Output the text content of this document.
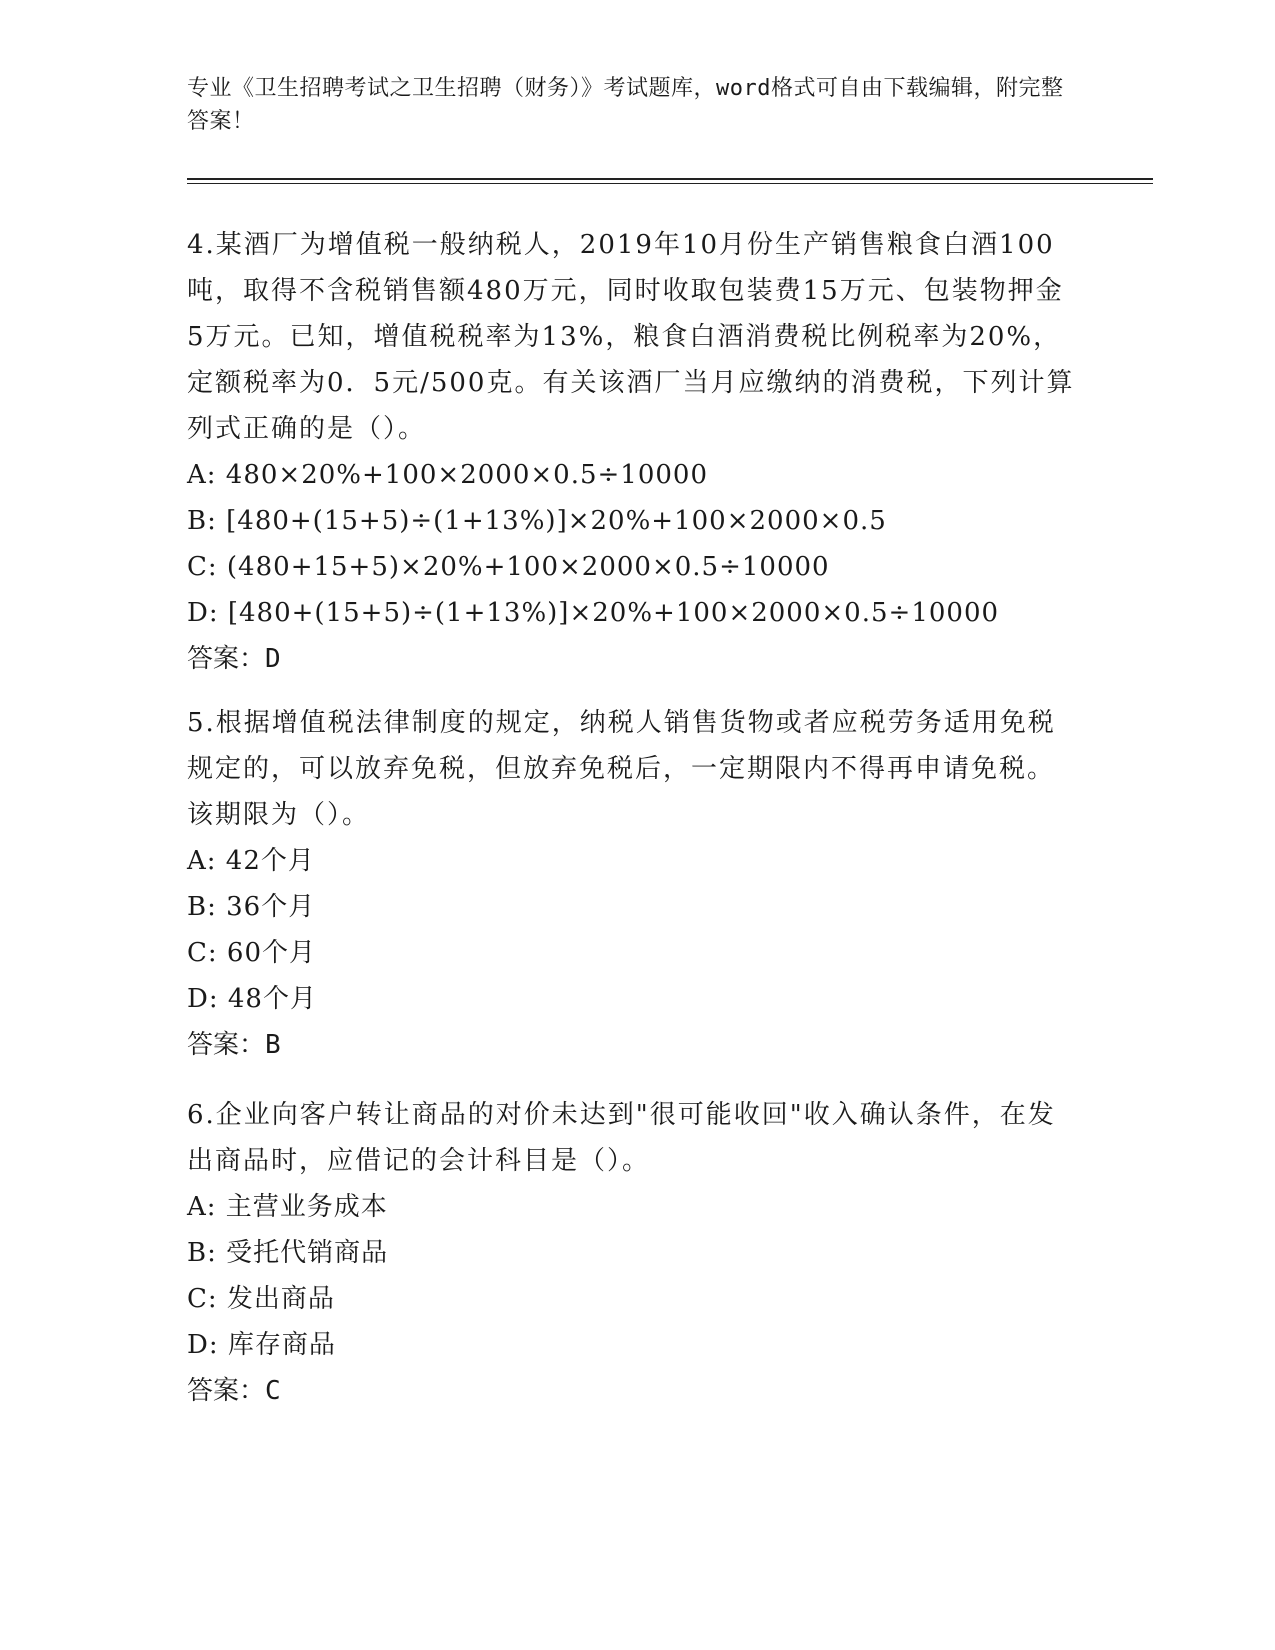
专业《卫生招聘考试之卫生招聘（财务）》考试题库，word格式可自由下载编辑，附完整答案！

4.某酒厂为增值税一般纳税人，2019年10月份生产销售粮食白酒100吨，取得不含税销售额480万元，同时收取包装费15万元、包装物押金5万元。已知，增值税税率为13%，粮食白酒消费税比例税率为20%，定额税率为0．5元/500克。有关该酒厂当月应缴纳的消费税，下列计算列式正确的是（）。

A: 480×20%+100×2000×0.5÷10000

B: [480+(15+5)÷(1+13%)]×20%+100×2000×0.5

C: (480+15+5)×20%+100×2000×0.5÷10000

D: [480+(15+5)÷(1+13%)]×20%+100×2000×0.5÷10000

答案：D

5.根据增值税法律制度的规定，纳税人销售货物或者应税劳务适用免税规定的，可以放弃免税，但放弃免税后，一定期限内不得再申请免税。该期限为（）。

A: 42个月

B: 36个月

C: 60个月

D: 48个月

答案：B

6.企业向客户转让商品的对价未达到"很可能收回"收入确认条件，在发出商品时，应借记的会计科目是（）。

A: 主营业务成本

B: 受托代销商品

C: 发出商品

D: 库存商品

答案：C
